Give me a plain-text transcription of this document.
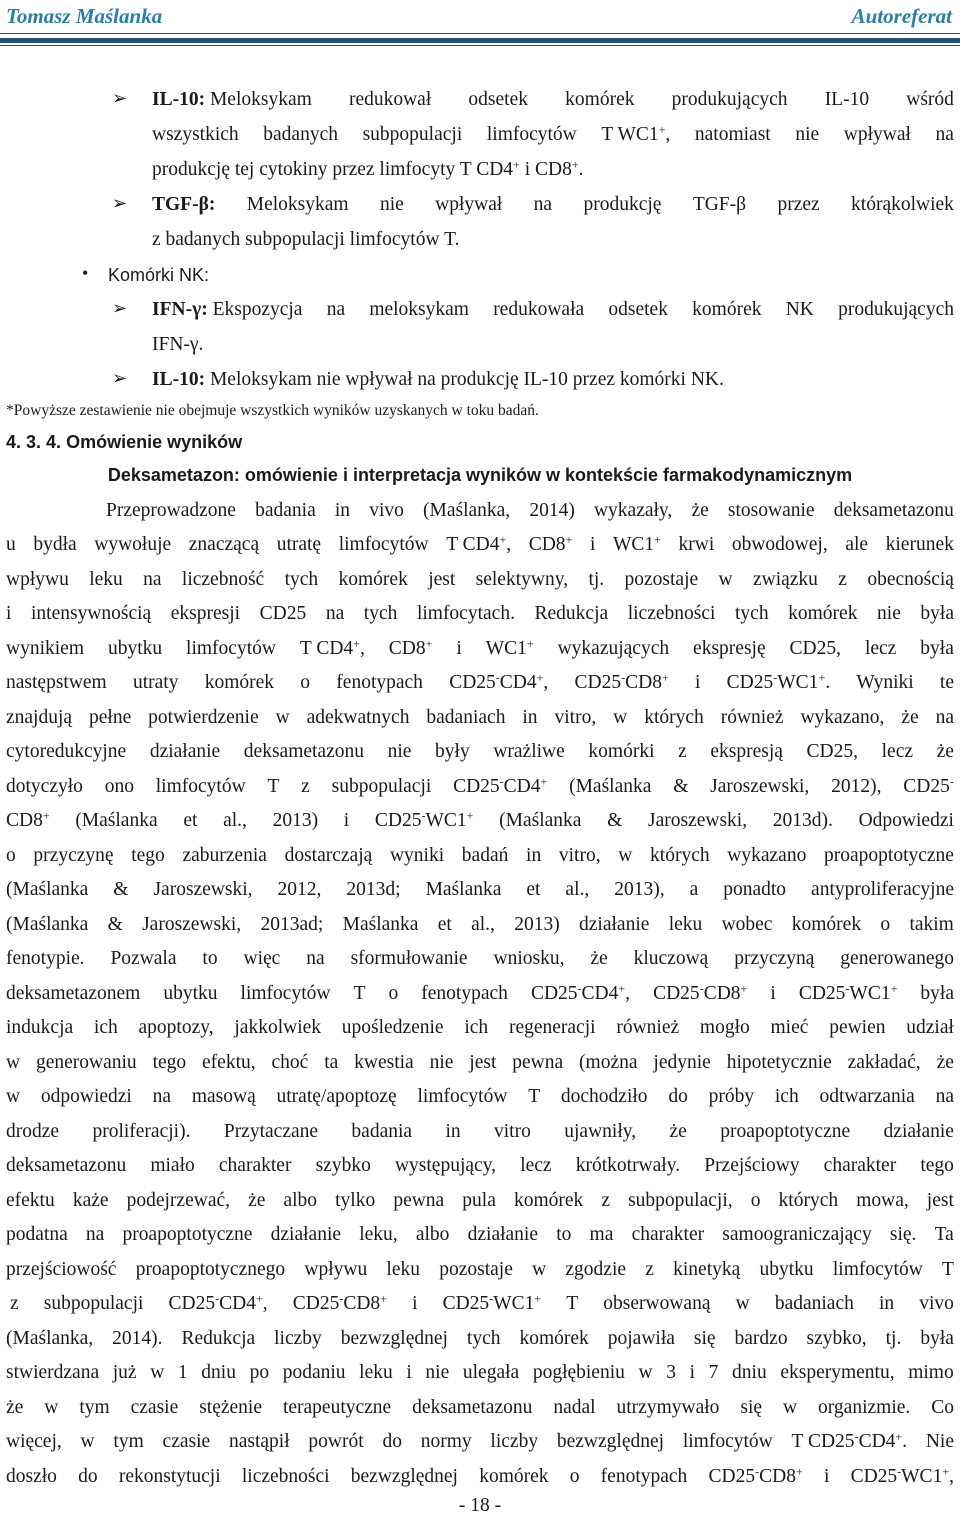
Tomasz Maślanka	Autoreferat
➢ IL-10: Meloksykam redukował odsetek komórek produkujących IL-10 wśród
wszystkich badanych subpopulacji limfocytów T WC1+, natomiast nie wpływał na
produkcję tej cytokiny przez limfocyty T CD4+ i CD8+.
➢ TGF-β: Meloksykam nie wpływał na produkcję TGF-β przez którąkolwiek
z badanych subpopulacji limfocytów T.
• Komórki NK:
➢ IFN-γ: Ekspozycja na meloksykam redukowała odsetek komórek NK produkujących
IFN-γ.
➢ IL-10: Meloksykam nie wpływał na produkcję IL-10 przez komórki NK.
*Powyższe zestawienie nie obejmuje wszystkich wyników uzyskanych w toku badań.
4. 3. 4. Omówienie wyników
Deksametazon: omówienie i interpretacja wyników w kontekście farmakodynamicznym
Przeprowadzone badania in vivo (Maślanka, 2014) wykazały, że stosowanie deksametazonu
u bydła wywołuje znaczącą utratę limfocytów T CD4+, CD8+ i WC1+ krwi obwodowej, ale kierunek
wpływu leku na liczebność tych komórek jest selektywny, tj. pozostaje w związku z obecnością
i intensywnością ekspresji CD25 na tych limfocytach. Redukcja liczebności tych komórek nie była
wynikiem ubytku limfocytów T CD4+, CD8+ i WC1+ wykazujących ekspresję CD25, lecz była
następstwem utraty komórek o fenotypach CD25-CD4+, CD25-CD8+ i CD25-WC1+. Wyniki te
znajdują pełne potwierdzenie w adekwatnych badaniach in vitro, w których również wykazano, że na
cytoredukcyjne działanie deksametazonu nie były wrażliwe komórki z ekspresją CD25, lecz że
dotyczyło ono limfocytów T z subpopulacji CD25-CD4+ (Maślanka & Jaroszewski, 2012), CD25-
CD8+ (Maślanka et al., 2013) i CD25-WC1+ (Maślanka & Jaroszewski, 2013d). Odpowiedzi
o przyczynę tego zaburzenia dostarczają wyniki badań in vitro, w których wykazano proapoptotyczne
(Maślanka & Jaroszewski, 2012, 2013d; Maślanka et al., 2013), a ponadto antyproliferacyjne
(Maślanka & Jaroszewski, 2013ad; Maślanka et al., 2013) działanie leku wobec komórek o takim
fenotypie. Pozwala to więc na sformułowanie wniosku, że kluczową przyczyną generowanego
deksametazonem ubytku limfocytów T o fenotypach CD25-CD4+, CD25-CD8+ i CD25-WC1+ była
indukcja ich apoptozy, jakkolwiek upośledzenie ich regeneracji również mogło mieć pewien udział
w generowaniu tego efektu, choć ta kwestia nie jest pewna (można jedynie hipotetycznie zakładać, że
w odpowiedzi na masową utratę/apoptozę limfocytów T dochodziło do próby ich odtwarzania na
drodze proliferacji). Przytaczane badania in vitro ujawniły, że proapoptotyczne działanie
deksametazonu miało charakter szybko występujący, lecz krótkotrwały. Przejściowy charakter tego
efektu każe podejrzewać, że albo tylko pewna pula komórek z subpopulacji, o których mowa, jest
podatna na proapoptotyczne działanie leku, albo działanie to ma charakter samoograniczający się. Ta
przejściowość proapoptotycznego wpływu leku pozostaje w zgodzie z kinetyką ubytku limfocytów T
z subpopulacji CD25-CD4+, CD25-CD8+ i CD25-WC1+ T obserwowaną w badaniach in vivo
(Maślanka, 2014). Redukcja liczby bezwzględnej tych komórek pojawiła się bardzo szybko, tj. była
stwierdzana już w 1 dniu po podaniu leku i nie ulegała pogłębieniu w 3 i 7 dniu eksperymentu, mimo
że w tym czasie stężenie terapeutyczne deksametazonu nadal utrzymywało się w organizmie. Co
więcej, w tym czasie nastąpił powrót do normy liczby bezwzględnej limfocytów T CD25-CD4+. Nie
doszło do rekonstytucji liczebności bezwzględnej komórek o fenotypach CD25-CD8+ i CD25-WC1+,
- 18 -
